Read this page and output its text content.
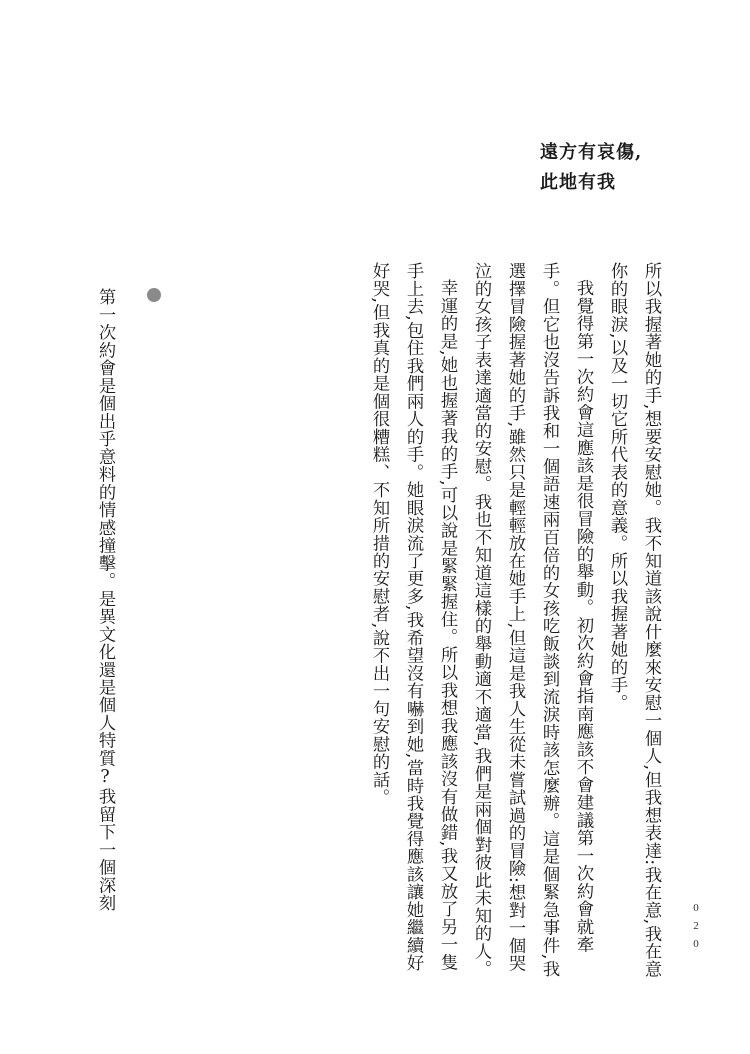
遠方有哀傷,
此地有我

所以我握著她的手,想要安慰她。我不知道該說什麼來安慰一個人,但我想表達:我在意,我在意你的眼淚,以及一切它所代表的意義。所以我握著她的手。

我覺得第一次約會這應該是很冒險的舉動。初次約會指南應該不會建議第一次約會就牽手。但它也沒告訴我和一個語速兩百倍的女孩吃飯談到流淚時該怎麼辦。這是個緊急事件,我選擇冒險握著她的手,雖然只是輕輕放在她手上,但這是我人生從未嘗試過的冒險:想對一個哭泣的女孩子表達適當的安慰。我也不知道這樣的舉動適不適當,我們是兩個對彼此未知的人。

幸運的是,她也握著我的手,可以說是緊緊握住。所以我想我應該沒有做錯,我又放了另一隻手上去,包住我們兩人的手。她眼淚流了更多,我希望沒有嚇到她,當時我覺得應該讓她繼續好好哭,但我真的是個很糟糕、不知所措的安慰者,說不出一句安慰的話。

第一次約會是個出乎意料的情感撞擊。是異文化還是個人特質?我留下一個深刻
020
